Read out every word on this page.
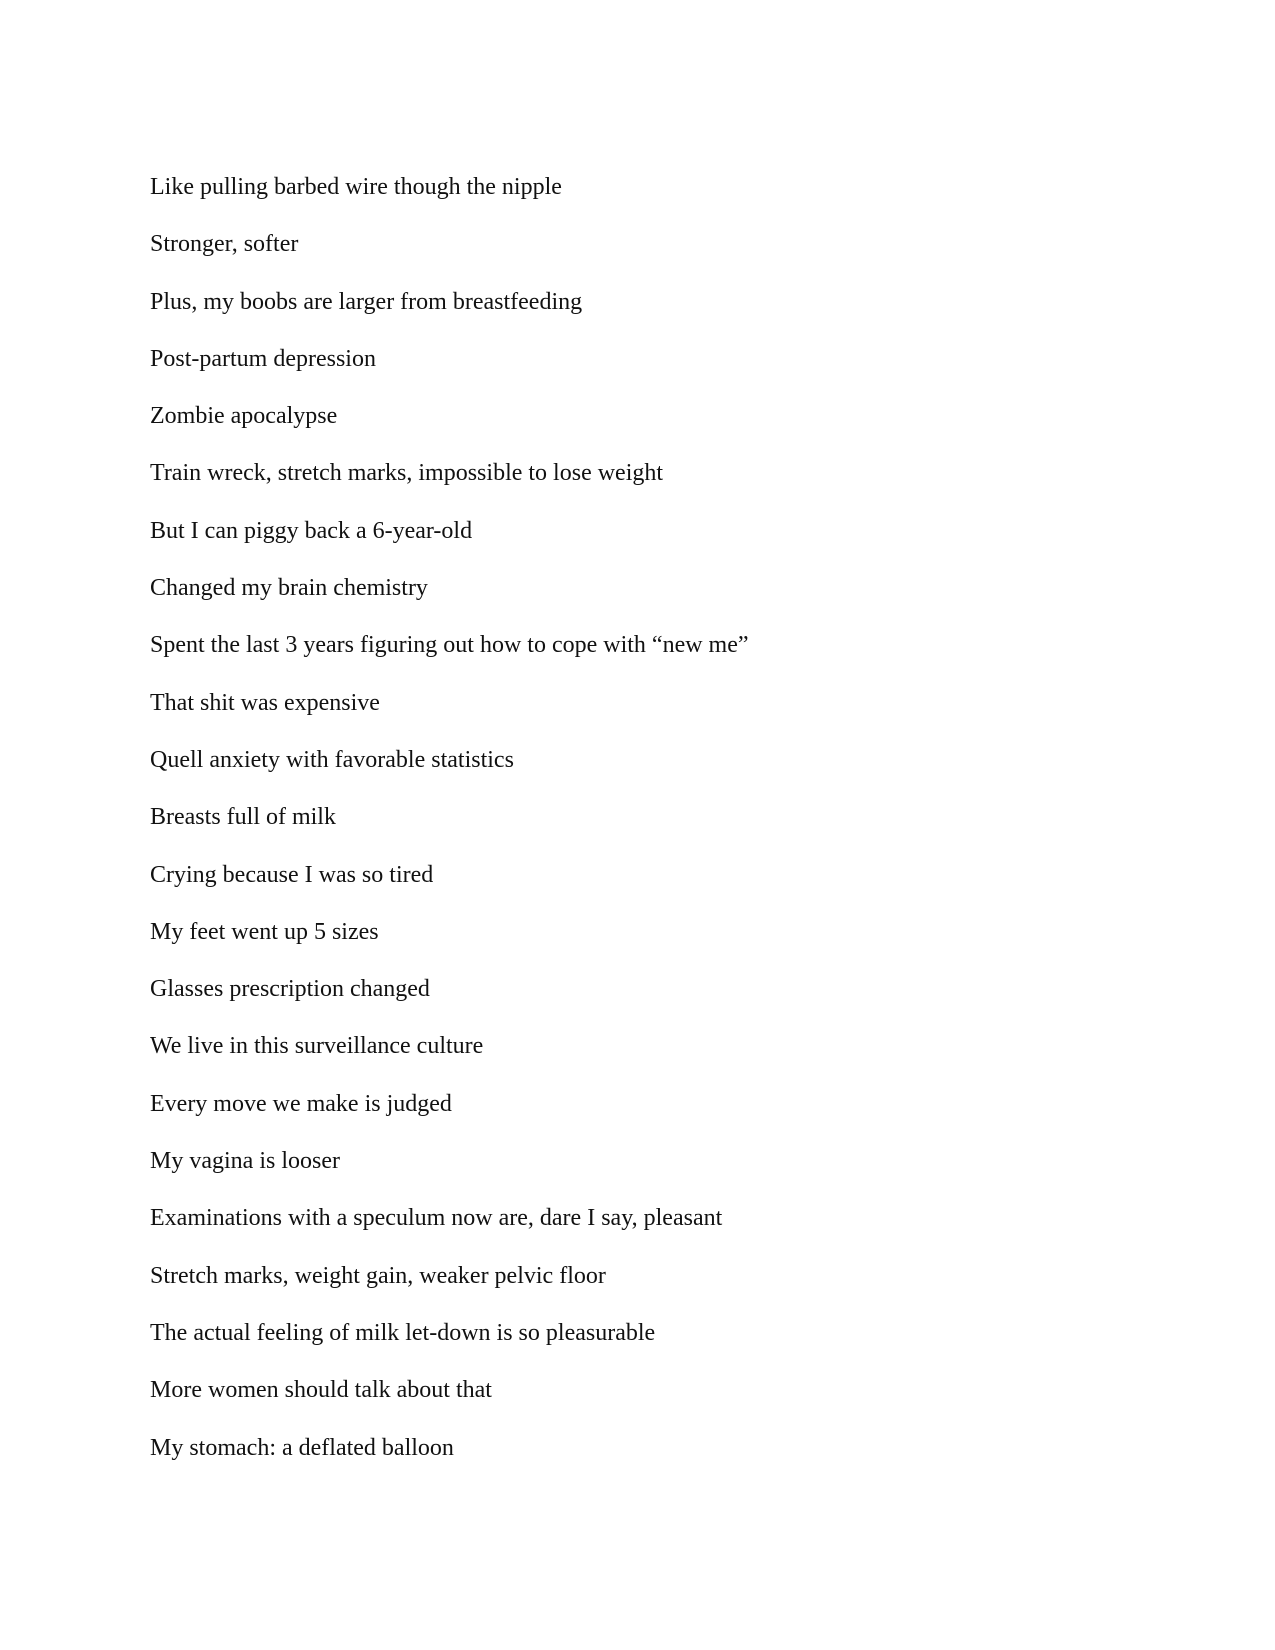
Like pulling barbed wire though the nipple
Stronger, softer
Plus, my boobs are larger from breastfeeding
Post-partum depression
Zombie apocalypse
Train wreck, stretch marks, impossible to lose weight
But I can piggy back a 6-year-old
Changed my brain chemistry
Spent the last 3 years figuring out how to cope with “new me”
That shit was expensive
Quell anxiety with favorable statistics
Breasts full of milk
Crying because I was so tired
My feet went up 5 sizes
Glasses prescription changed
We live in this surveillance culture
Every move we make is judged
My vagina is looser
Examinations with a speculum now are, dare I say, pleasant
Stretch marks, weight gain, weaker pelvic floor
The actual feeling of milk let-down is so pleasurable
More women should talk about that
My stomach: a deflated balloon
